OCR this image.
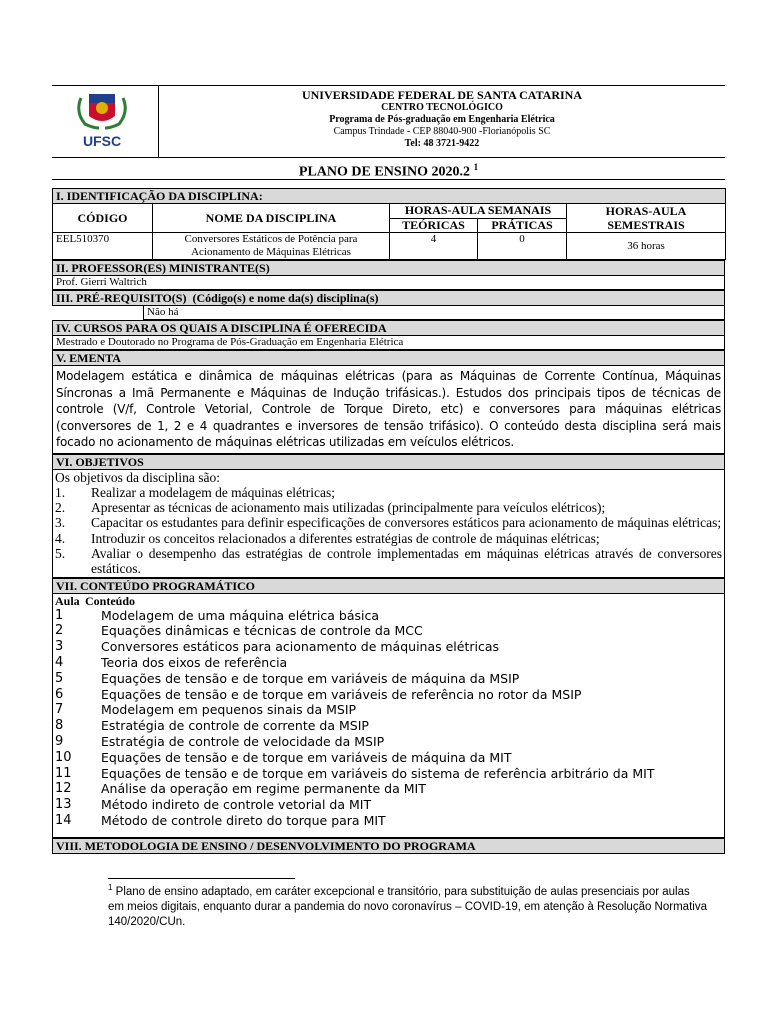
UFSC

UNIVERSIDADE FEDERAL DE SANTA CATARINA
CENTRO TECNOLÓGICO
Programa de Pós-graduação em Engenharia Elétrica
Campus Trindade - CEP 88040-900 -Florianópolis SC
Tel: 48 3721-9422
PLANO DE ENSINO 2020.2 $^1$
I. IDENTIFICAÇÃO DA DISCIPLINA:				
CÓDIGO	NOME DA DISCIPLINA	HORAS-AULA SEMANAIS		HORAS-AULA SEMESTRAIS
		TEÓRICAS	PRÁTICAS	
EEL510370	Conversores Estáticos de Potência para Acionamento de Máquinas Elétricas	4	0	36 horas
II. PROFESSOR(ES) MINISTRANTE(S)
Prof. Gierri Waltrich
III. PRÉ-REQUISITO(S) (Código(s) e nome da(s) disciplina(s)
	Não há
IV. CURSOS PARA OS QUAIS A DISCIPLINA É OFERECIDA
Mestrado e Doutorado no Programa de Pós-Graduação em Engenharia Elétrica
V. EMENTA
Modelagem estática e dinâmica de máquinas elétricas (para as Máquinas de Corrente Contínua, Máquinas Síncronas a Imã Permanente e Máquinas de Indução trifásicas.). Estudos dos principais tipos de técnicas de controle (V/f, Controle Vetorial, Controle de Torque Direto, etc) e conversores para máquinas elétricas (conversores de 1, 2 e 4 quadrantes e inversores de tensão trifásico). O conteúdo desta disciplina será mais focado no acionamento de máquinas elétricas utilizadas em veículos elétricos.
VI. OBJETIVOS

Os objetivos da disciplina são:
1.	Realizar a modelagem de máquinas elétricas;
2.	Apresentar as técnicas de acionamento mais utilizadas (principalmente para veículos elétricos);
3.	Capacitar os estudantes para definir especificações de conversores estáticos para acionamento de máquinas elétricas;
4.	Introduzir os conceitos relacionados a diferentes estratégias de controle de máquinas elétricas;
5.	Avaliar o desempenho das estratégias de controle implementadas em máquinas elétricas através de conversores estáticos.
VII. CONTEÚDO PROGRAMÁTICO

Aula Conteúdo
1	Modelagem de uma máquina elétrica básica
2	Equações dinâmicas e técnicas de controle da MCC
3	Conversores estáticos para acionamento de máquinas elétricas
4	Teoria dos eixos de referência
5	Equações de tensão e de torque em variáveis de máquina da MSIP
6	Equações de tensão e de torque em variáveis de referência no rotor da MSIP
7	Modelagem em pequenos sinais da MSIP
8	Estratégia de controle de corrente da MSIP
9	Estratégia de controle de velocidade da MSIP
10	Equações de tensão e de torque em variáveis de máquina da MIT
11	Equações de tensão e de torque em variáveis do sistema de referência arbitrário da MIT
12	Análise da operação em regime permanente da MIT
13	Método indireto de controle vetorial da MIT
14	Método de controle direto do torque para MIT
VIII. METODOLOGIA DE ENSINO / DESENVOLVIMENTO DO PROGRAMA
$^1$ Plano de ensino adaptado, em caráter excepcional e transitório, para substituição de aulas presenciais por aulas em meios digitais, enquanto durar a pandemia do novo coronavírus – COVID-19, em atenção à Resolução Normativa 140/2020/CUn.
